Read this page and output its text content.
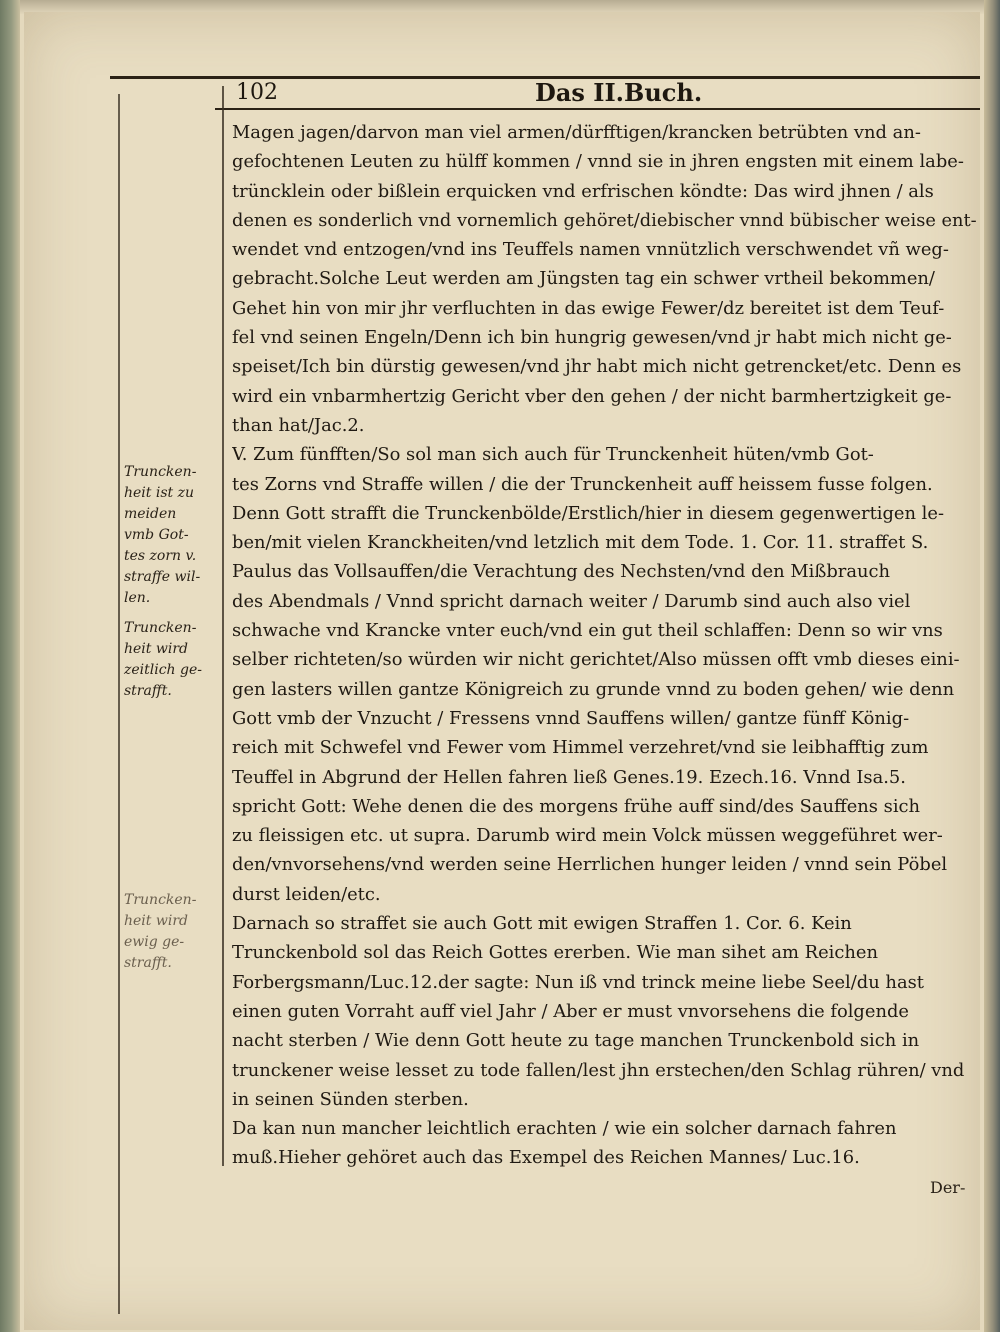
102	Das II.Buch.
Magen jagen/darvon man viel armen/dürfftigen/krancken betrübten vnd an-
gefochtenen Leuten zu hülff kommen / vnnd sie in jhren engsten mit einem labe-
trüncklein oder bißlein erquicken vnd erfrischen köndte: Das wird jhnen / als
denen es sonderlich vnd vornemlich gehöret/diebischer vnnd bübischer weise ent-
wendet vnd entzogen/vnd ins Teuffels namen vnnützlich verschwendet vñ weg-
gebracht.Solche Leut werden am Jüngsten tag ein schwer vrtheil bekommen/
Gehet hin von mir jhr verfluchten in das ewige Fewer/dz bereitet ist dem Teuf-
fel vnd seinen Engeln/Denn ich bin hungrig gewesen/vnd jr habt mich nicht ge-
speiset/Ich bin dürstig gewesen/vnd jhr habt mich nicht getrencket/etc. Denn es
wird ein vnbarmhertzig Gericht vber den gehen / der nicht barmhertzigkeit ge-
than hat/Jac.2.
V. Zum fünfften/So sol man sich auch für Trunckenheit hüten/vmb Got-
tes Zorns vnd Straffe willen / die der Trunckenheit auff heissem fusse folgen.
Denn Gott strafft die Trunckenbölde/Erstlich/hier in diesem gegenwertigen le-
ben/mit vielen Kranckheiten/vnd letzlich mit dem Tode. 1. Cor. 11. straffet S.
Paulus das Vollsauffen/die Verachtung des Nechsten/vnd den Mißbrauch
des Abendmals / Vnnd spricht darnach weiter / Darumb sind auch also viel
schwache vnd Krancke vnter euch/vnd ein gut theil schlaffen: Denn so wir vns
selber richteten/so würden wir nicht gerichtet/Also müssen offt vmb dieses eini-
gen lasters willen gantze Königreich zu grunde vnnd zu boden gehen/ wie denn
Gott vmb der Vnzucht / Fressens vnnd Sauffens willen/ gantze fünff König-
reich mit Schwefel vnd Fewer vom Himmel verzehret/vnd sie leibhafftig zum
Teuffel in Abgrund der Hellen fahren ließ Genes.19. Ezech.16. Vnnd Isa.5.
spricht Gott: Wehe denen die des morgens frühe auff sind/des Sauffens sich
zu fleissigen etc. ut supra. Darumb wird mein Volck müssen weggeführet wer-
den/vnvorsehens/vnd werden seine Herrlichen hunger leiden / vnnd sein Pöbel
durst leiden/etc.
Darnach so straffet sie auch Gott mit ewigen Straffen 1. Cor. 6. Kein
Trunckenbold sol das Reich Gottes ererben. Wie man sihet am Reichen
Forbergsmann/Luc.12.der sagte: Nun iß vnd trinck meine liebe Seel/du hast
einen guten Vorraht auff viel Jahr / Aber er must vnvorsehens die folgende
nacht sterben / Wie denn Gott heute zu tage manchen Trunckenbold sich in
trunckener weise lesset zu tode fallen/lest jhn erstechen/den Schlag rühren/ vnd
in seinen Sünden sterben.
Da kan nun mancher leichtlich erachten / wie ein solcher darnach fahren
muß.Hieher gehöret auch das Exempel des Reichen Mannes/ Luc.16.
Truncken-
heit ist zu
meiden
vmb Got-
tes zorn v.
straffe wil-
len.
Truncken-
heit wird
zeitlich ge-
strafft.
Truncken-
heit wird
ewig ge-
strafft.
Der-
